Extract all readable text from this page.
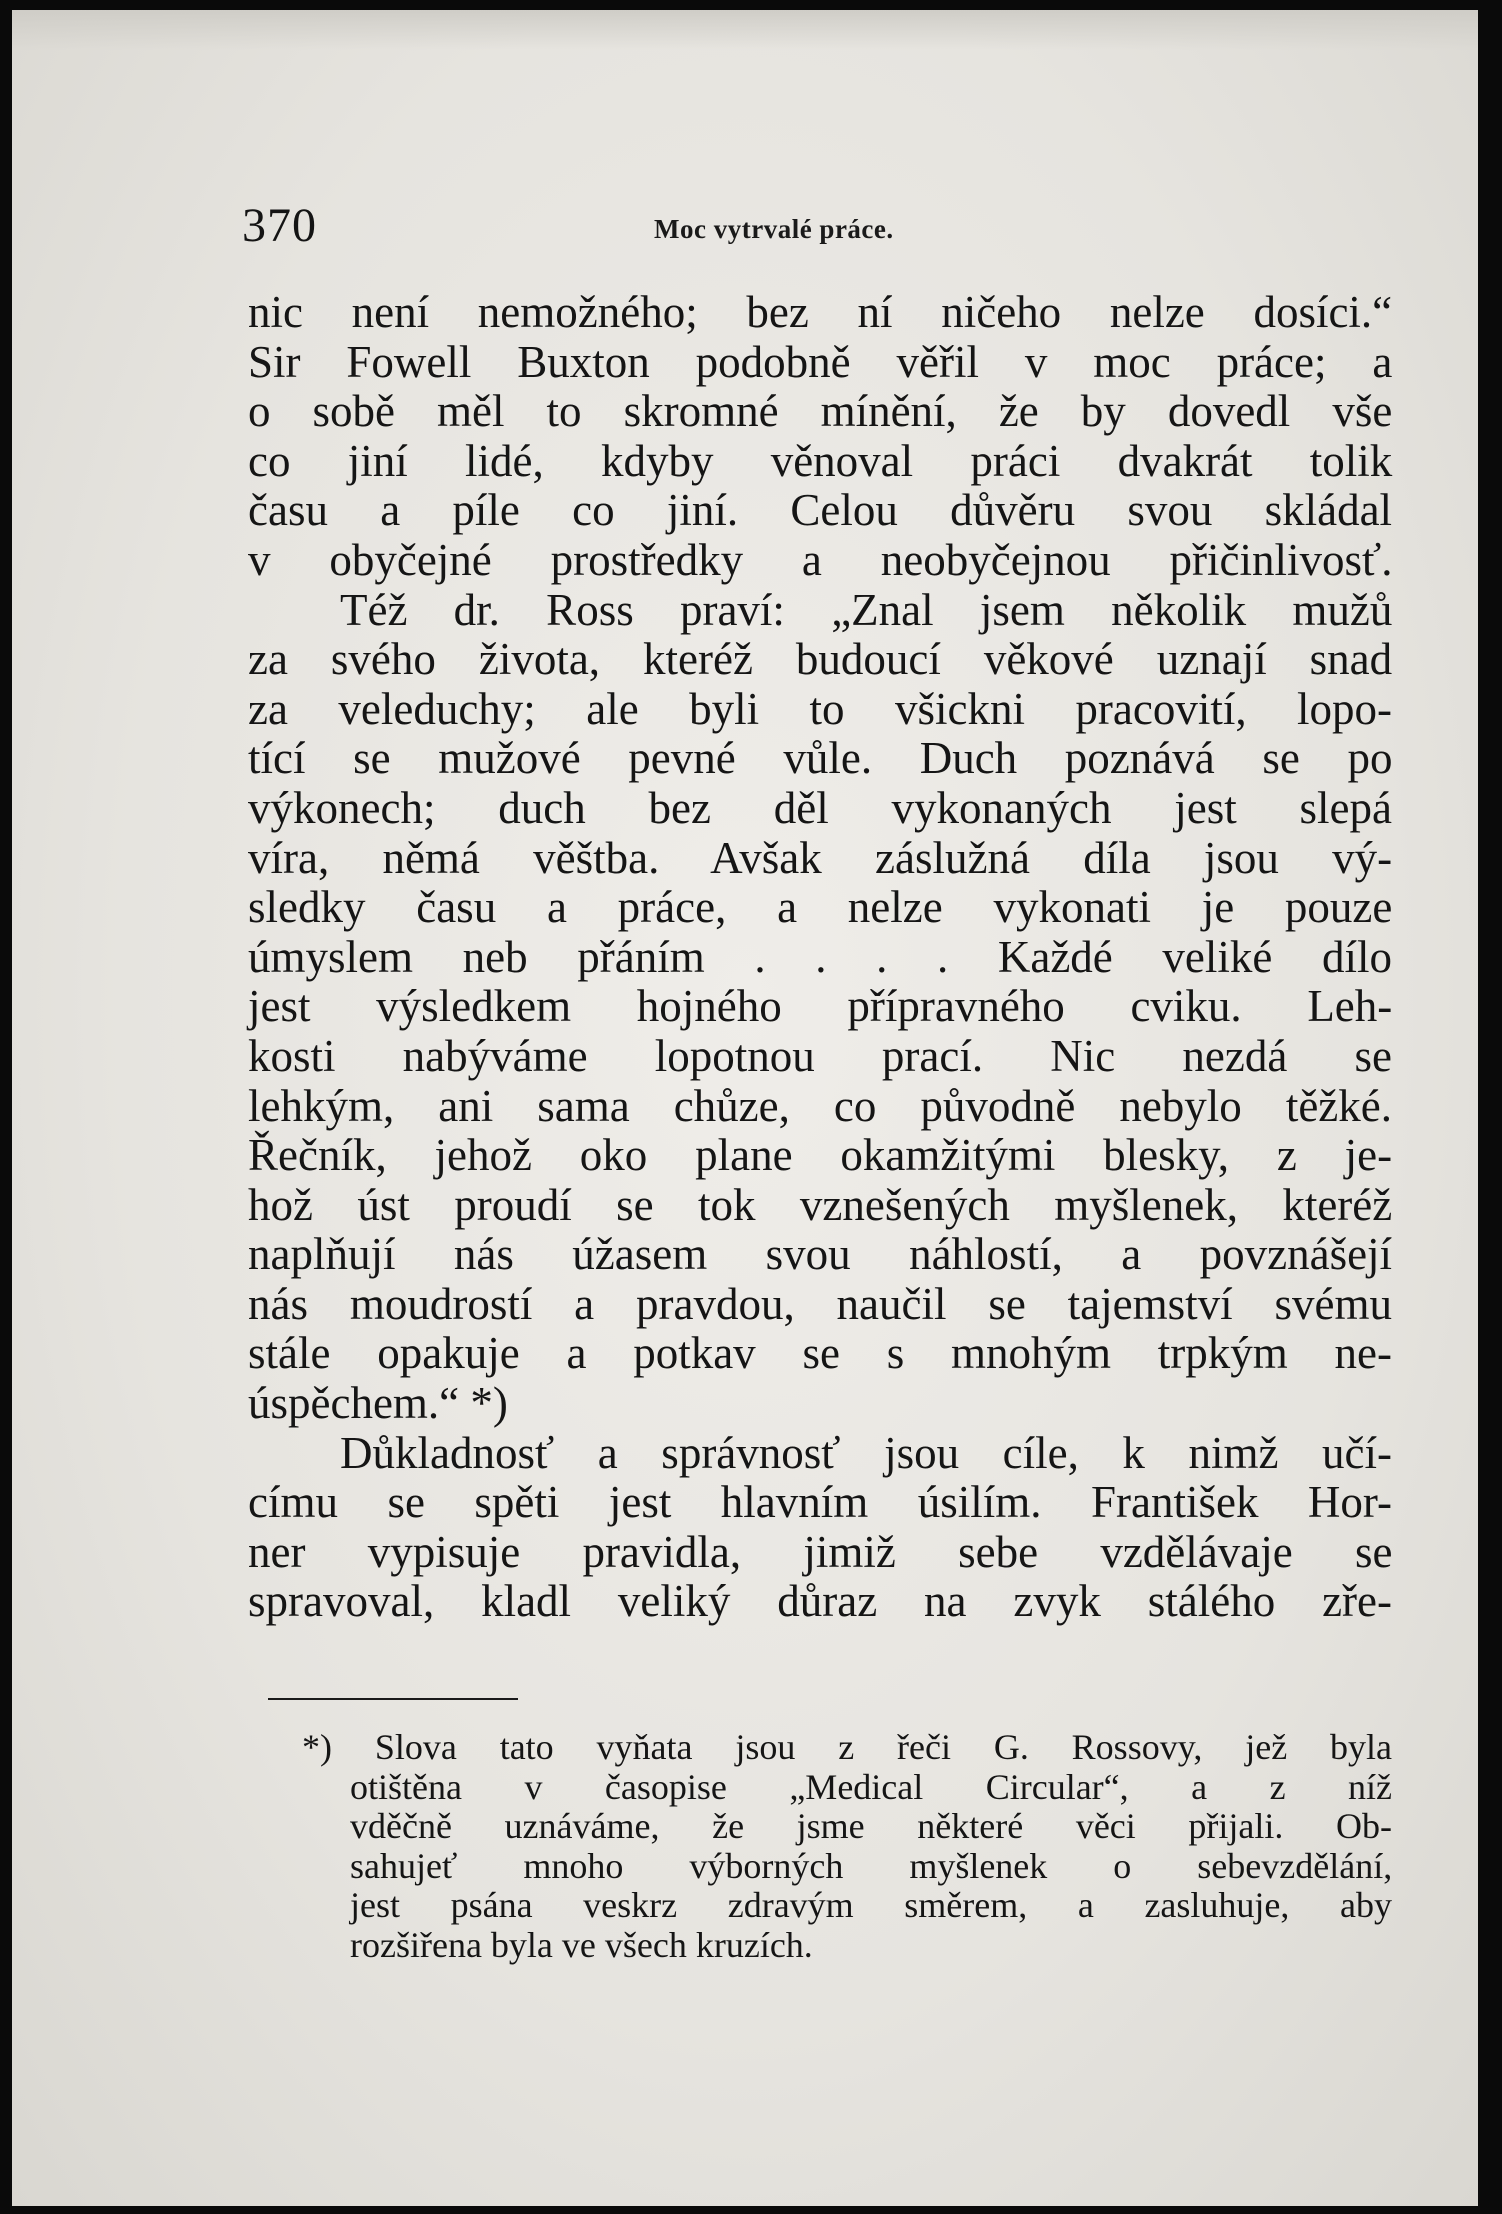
370	Moc vytrvalé práce.
nic není nemožného; bez ní ničeho nelze dosíci.“
Sir Fowell Buxton podobně věřil v moc práce; a
o sobě měl to skromné mínění, že by dovedl vše
co jiní lidé, kdyby věnoval práci dvakrát tolik
času a píle co jiní. Celou důvěru svou skládal
v obyčejné prostředky a neobyčejnou přičinlivosť.
Též dr. Ross praví: „Znal jsem několik mužů
za svého života, kteréž budoucí věkové uznají snad
za veleduchy; ale byli to všickni pracovití, lopo-
tící se mužové pevné vůle. Duch poznává se po
výkonech; duch bez děl vykonaných jest slepá
víra, němá věštba. Avšak záslužná díla jsou vý-
sledky času a práce, a nelze vykonati je pouze
úmyslem neb přáním . . . . Každé veliké dílo
jest výsledkem hojného přípravného cviku. Leh-
kosti nabýváme lopotnou prací. Nic nezdá se
lehkým, ani sama chůze, co původně nebylo těžké.
Řečník, jehož oko plane okamžitými blesky, z je-
hož úst proudí se tok vznešených myšlenek, kteréž
naplňují nás úžasem svou náhlostí, a povznášejí
nás moudrostí a pravdou, naučil se tajemství svému
stále opakuje a potkav se s mnohým trpkým ne-
úspěchem.“ *)
Důkladnosť a správnosť jsou cíle, k nimž učí-
címu se spěti jest hlavním úsilím. František Hor-
ner vypisuje pravidla, jimiž sebe vzdělávaje se
spravoval, kladl veliký důraz na zvyk stálého zře-
*) Slova tato vyňata jsou z řeči G. Rossovy, jež byla
otištěna v časopise „Medical Circular“, a z níž
vděčně uznáváme, že jsme některé věci přijali. Ob-
sahujeť mnoho výborných myšlenek o sebevzdělání,
jest psána veskrz zdravým směrem, a zasluhuje, aby
rozšiřena byla ve všech kruzích.
